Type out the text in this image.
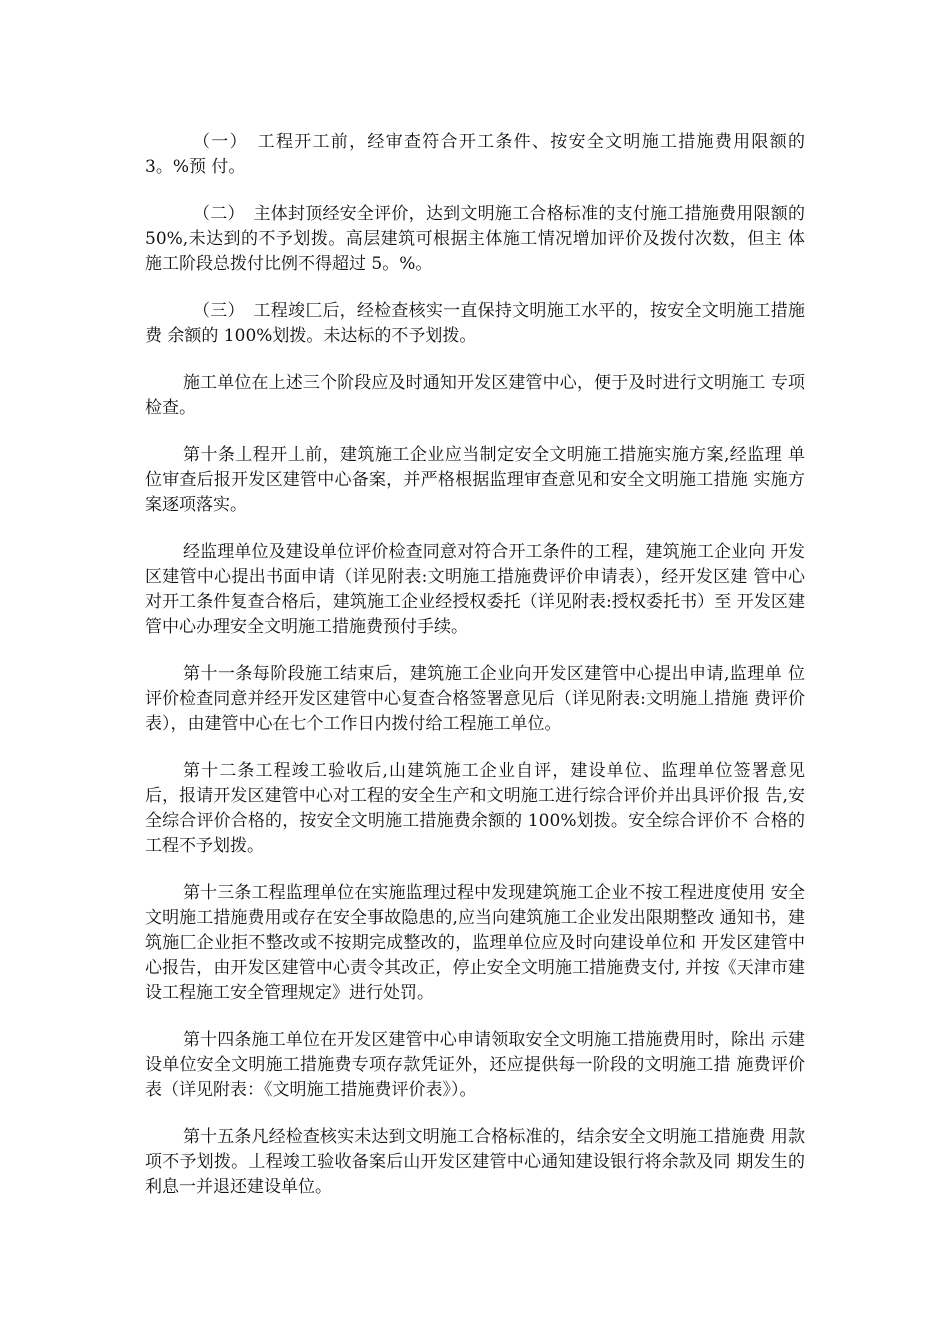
（一）　工程开工前，经审查符合开工条件、按安全文明施工措施费用限额的 3。%预 付。

（二）　主体封顶经安全评价，达到文明施工合格标准的支付施工措施费用限额的 50%,未达到的不予划拨。高层建筑可根据主体施工情况增加评价及拨付次数，但主 体施工阶段总拨付比例不得超过 5。%。

（三）　工程竣匚后，经检查核实一直保持文明施工水平的，按安全文明施工措施费 余额的 100%划拨。未达标的不予划拨。

施工单位在上述三个阶段应及时通知开发区建管中心，便于及时进行文明施工 专项检查。

第十条丄程开丄前，建筑施工企业应当制定安全文明施工措施实施方案,经监理 单位审查后报开发区建管中心备案，并严格根据监理审查意见和安全文明施工措施 实施方案逐项落实。

经监理单位及建设单位评价检查同意对符合开工条件的工程，建筑施工企业向 开发区建管中心提出书面申请（详见附表:文明施工措施费评价申请表），经开发区建 管中心对开工条件复查合格后，建筑施工企业经授权委托（详见附表:授权委托书）至 开发区建管中心办理安全文明施工措施费预付手续。

第十一条每阶段施工结束后，建筑施工企业向开发区建管中心提出申请,监理单 位评价检查同意并经开发区建管中心复查合格签署意见后（详见附表:文明施丄措施 费评价表），由建管中心在七个工作日内拨付给工程施工单位。

第十二条工程竣工验收后,山建筑施工企业自评，建设单位、监理单位签署意见 后，报请开发区建管中心对工程的安全生产和文明施工进行综合评价并出具评价报 告,安全综合评价合格的，按安全文明施工措施费余额的 100%划拨。安全综合评价不 合格的工程不予划拨。

第十三条工程监理单位在实施监理过程中发现建筑施工企业不按工程进度使用 安全文明施工措施费用或存在安全事故隐患的,应当向建筑施工企业发出限期整改 通知书，建筑施匚企业拒不整改或不按期完成整改的，监理单位应及时向建设单位和 开发区建管中心报告，由开发区建管中心责令其改正，停止安全文明施工措施费支付, 并按《天津市建设工程施工安全管理规定》进行处罚。

第十四条施工单位在开发区建管中心申请领取安全文明施工措施费用时，除出 示建设单位安全文明施工措施费专项存款凭证外，还应提供每一阶段的文明施工措 施费评价表（详见附表：《文明施工措施费评价表》）。

第十五条凡经检查核实未达到文明施工合格标准的，结余安全文明施工措施费 用款项不予划拨。丄程竣工验收备案后山开发区建管中心通知建设银行将余款及同 期发生的利息一并退还建设单位。
